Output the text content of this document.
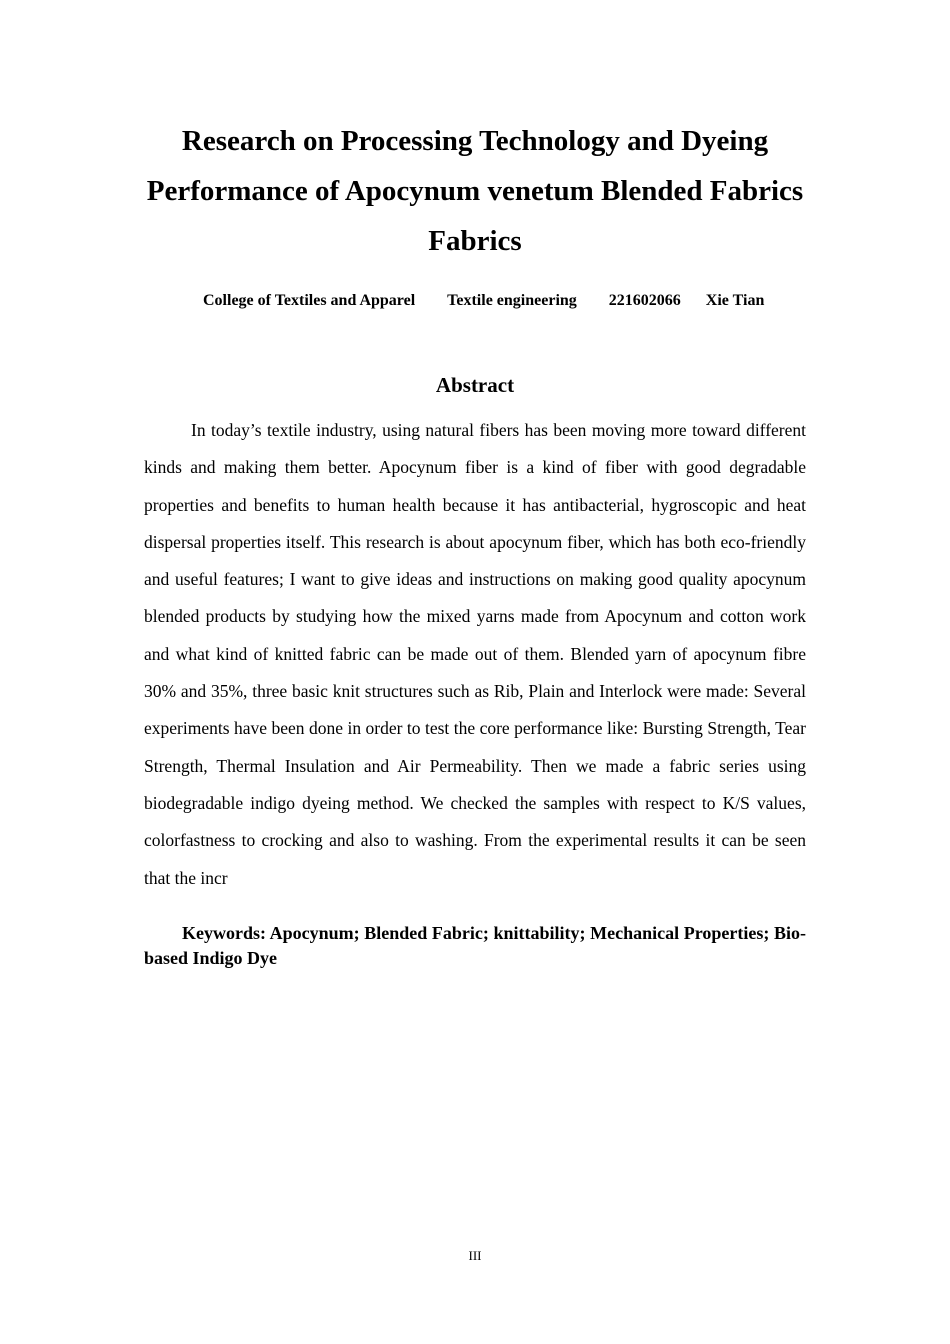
Research on Processing Technology and Dyeing

Performance of Apocynum venetum Blended Fabrics

Fabrics

College of Textiles and Apparel Textile engineering 221602066 Xie Tian
Abstract

In today’s textile industry, using natural fibers has been moving more toward different kinds and making them better. Apocynum fiber is a kind of fiber with good degradable properties and benefits to human health because it has antibacterial, hygroscopic and heat dispersal properties itself. This research is about apocynum fiber, which has both eco-friendly and useful features; I want to give ideas and instructions on making good quality apocynum blended products by studying how the mixed yarns made from Apocynum and cotton work and what kind of knitted fabric can be made out of them. Blended yarn of apocynum fibre 30% and 35%, three basic knit structures such as Rib, Plain and Interlock were made: Several experiments have been done in order to test the core performance like: Bursting Strength, Tear Strength, Thermal Insulation and Air Permeability. Then we made a fabric series using biodegradable indigo dyeing method. We checked the samples with respect to K/S values, colorfastness to crocking and also to washing. From the experimental results it can be seen that the incr

Keywords: Apocynum; Blended Fabric; knittability; Mechanical Properties; Bio-based Indigo Dye

III
